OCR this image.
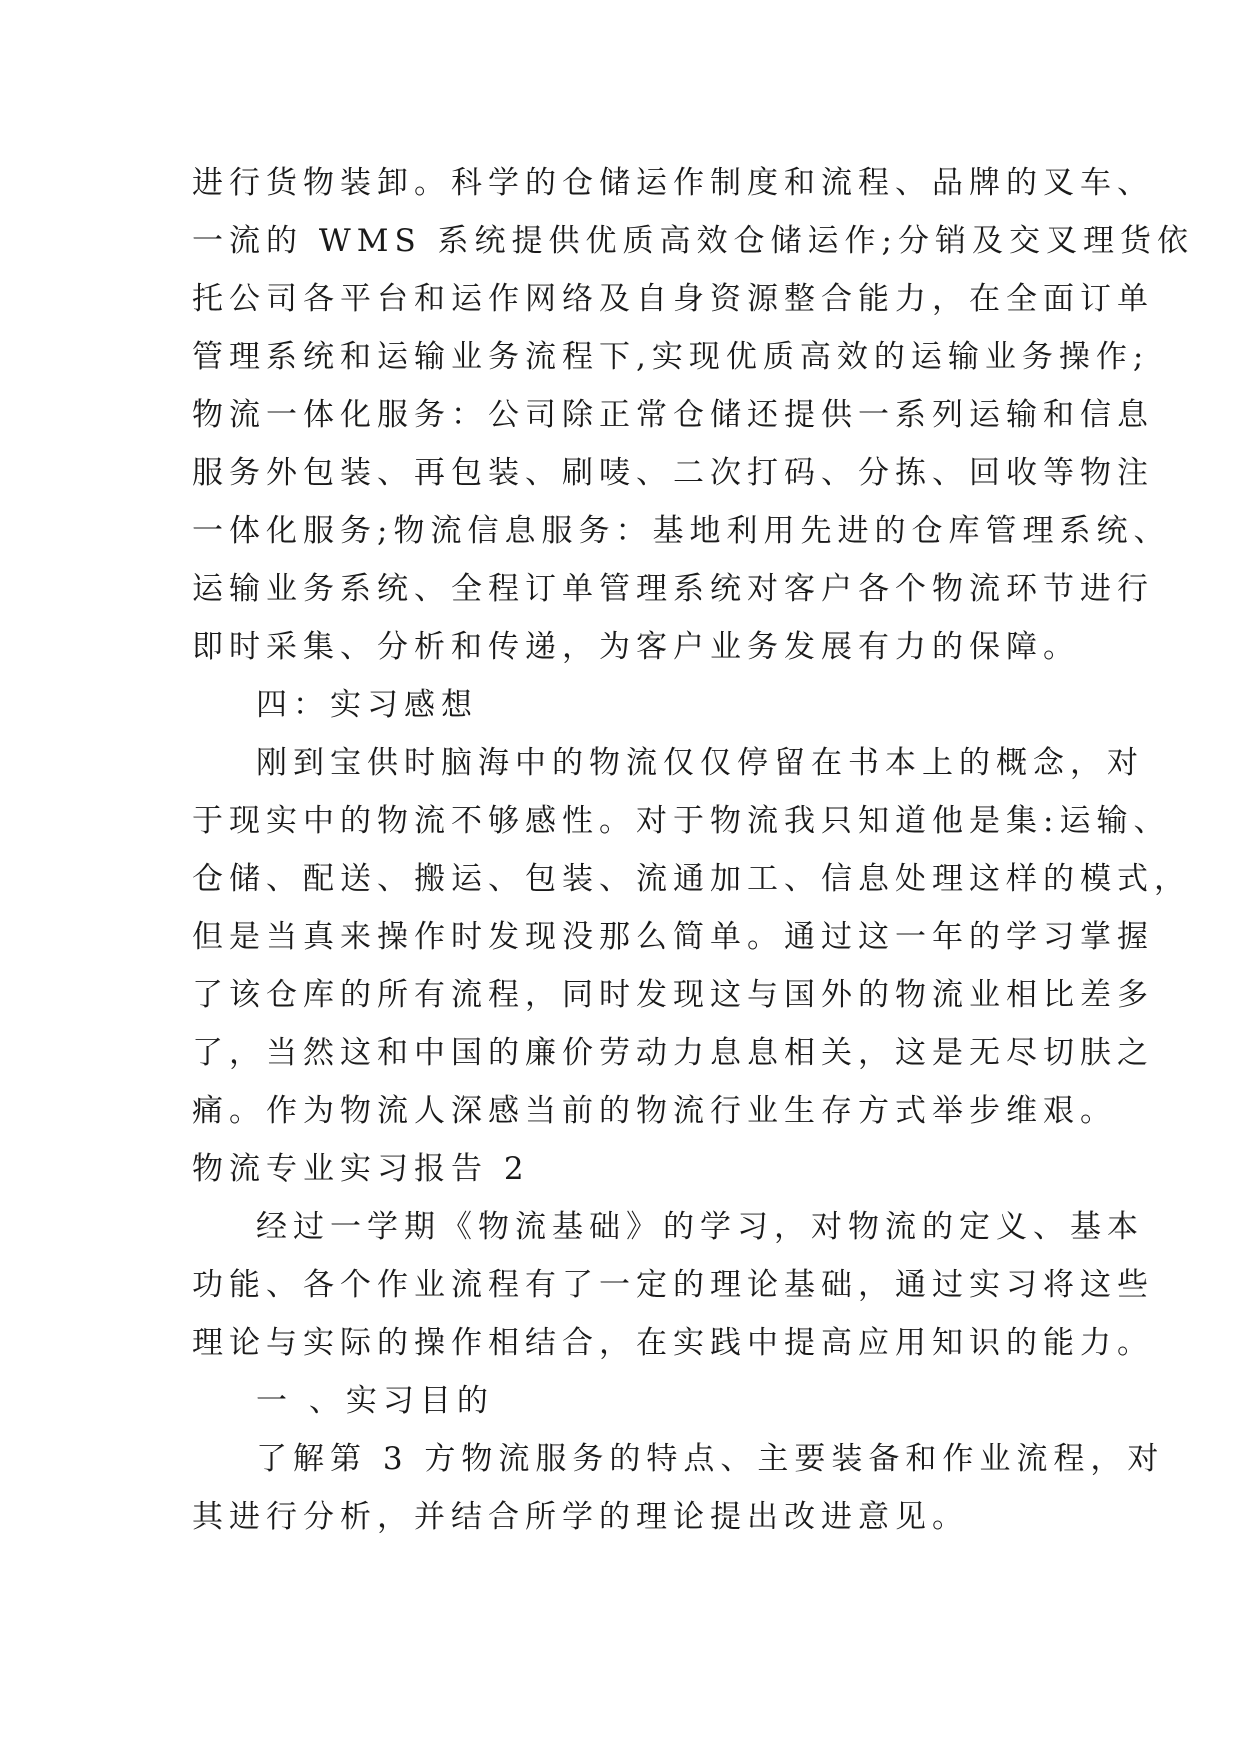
进行货物装卸。科学的仓储运作制度和流程、品牌的叉车、
一流的 WMS 系统提供优质高效仓储运作;分销及交叉理货依
托公司各平台和运作网络及自身资源整合能力，在全面订单
管理系统和运输业务流程下,实现优质高效的运输业务操作;
物流一体化服务：公司除正常仓储还提供一系列运输和信息
服务外包装、再包装、刷唛、二次打码、分拣、回收等物注
一体化服务;物流信息服务：基地利用先进的仓库管理系统、
运输业务系统、全程订单管理系统对客户各个物流环节进行
即时采集、分析和传递，为客户业务发展有力的保障。
四：实习感想
刚到宝供时脑海中的物流仅仅停留在书本上的概念，对
于现实中的物流不够感性。对于物流我只知道他是集:运输、
仓储、配送、搬运、包装、流通加工、信息处理这样的模式，
但是当真来操作时发现没那么简单。通过这一年的学习掌握
了该仓库的所有流程，同时发现这与国外的物流业相比差多
了，当然这和中国的廉价劳动力息息相关，这是无尽切肤之
痛。作为物流人深感当前的物流行业生存方式举步维艰。
物流专业实习报告 2
经过一学期《物流基础》的学习，对物流的定义、基本
功能、各个作业流程有了一定的理论基础，通过实习将这些
理论与实际的操作相结合，在实践中提高应用知识的能力。
一 、实习目的
了解第 3 方物流服务的特点、主要装备和作业流程，对
其进行分析，并结合所学的理论提出改进意见。
